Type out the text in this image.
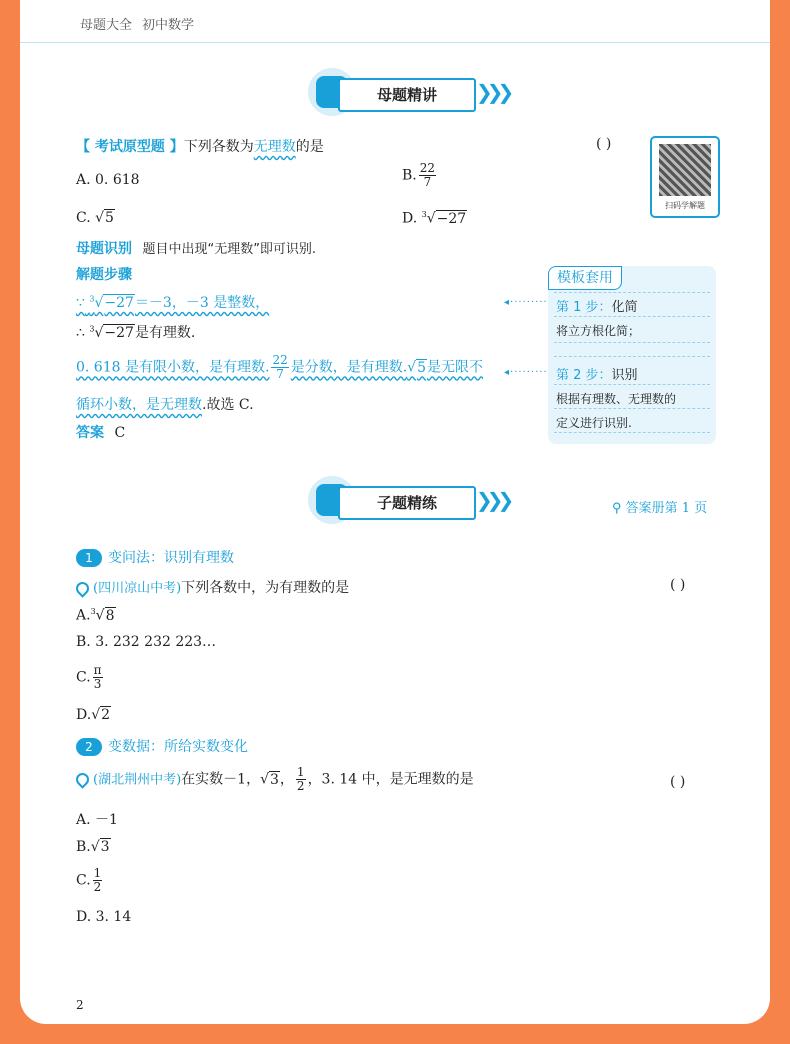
母题大全 初中数学
母题精讲	❯❯❯
【 考试原型题 】下列各数为无理数的是	( )
A. 0. 618	B. $\frac{22}{7}$
C. √5	D. $^3$√−27
扫码学解题
母题识别 题目中出现“无理数”即可识别.
解题步骤
∵ $^3$√−27＝－3，－3 是整数，
∴ $^3$√−27是有理数.
0. 618 是有限小数，是有理数. $\frac{22}{7}$ 是分数，是有理数.√5是无限不
循环小数，是无理数.故选 C.
答案 C
◂·········
◂·········
模板套用
第 1 步：化简
将立方根化简；
第 2 步：识别
根据有理数、无理数的
定义进行识别.
子题精练	❯❯❯	⚲ 答案册第 1 页
1 变问法：识别有理数
(四川凉山中考)下列各数中，为有理数的是	( )
A.$^3$√8
B. 3. 232 232 223…
C. $\frac{\pi}{3}$
D.√2
2 变数据：所给实数变化
(湖北荆州中考)在实数－1，√3， $\frac{1}{2}$ ，3. 14 中，是无理数的是	( )
A. －1
B.√3
C. $\frac{1}{2}$
D. 3. 14
2
